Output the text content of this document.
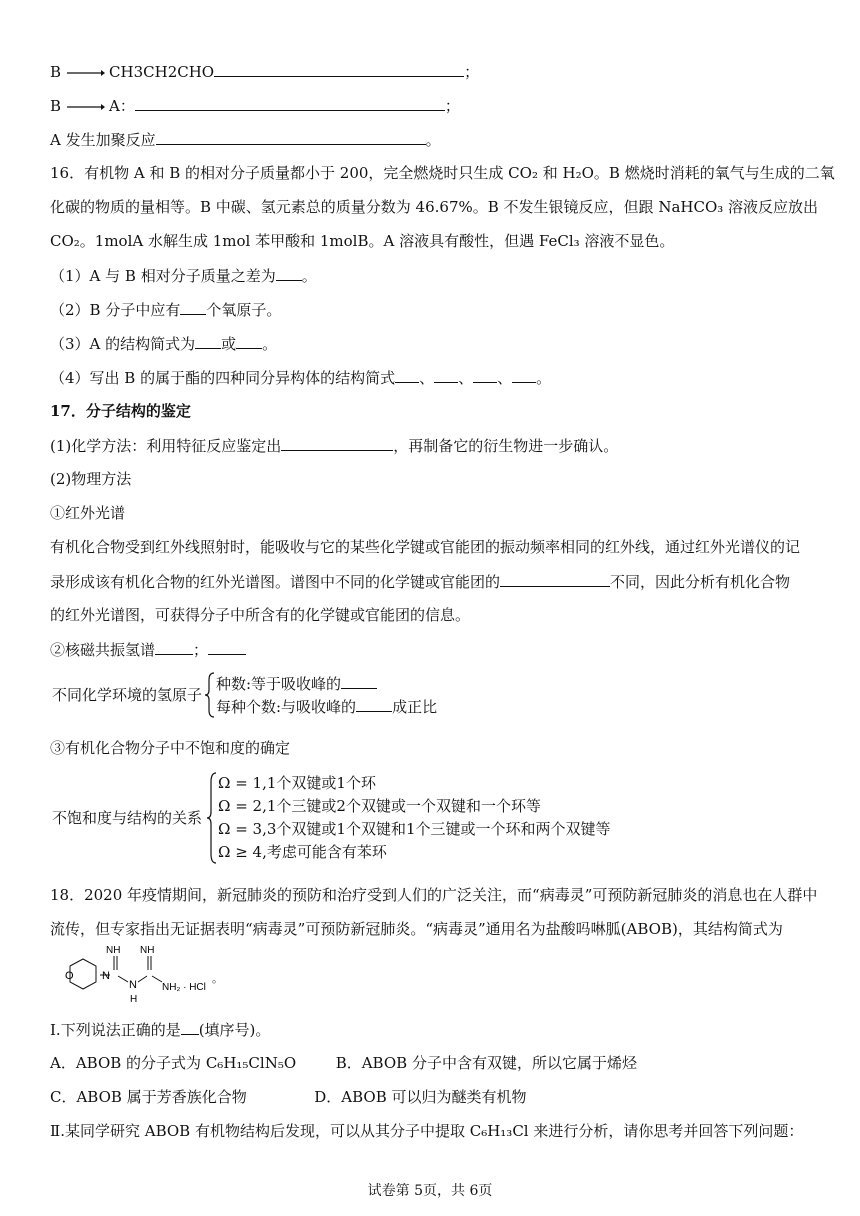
B	CH3CH2CHO	；
B	A：	；
A 发生加聚反应	。
16．有机物 A 和 B 的相对分子质量都小于 200，完全燃烧时只生成 CO₂ 和 H₂O。B 燃烧时消耗的氧气与生成的二氧
化碳的物质的量相等。B 中碳、氢元素总的质量分数为 46.67%。B 不发生银镜反应，但跟 NaHCO₃ 溶液反应放出
CO₂。1molA 水解生成 1mol 苯甲酸和 1molB。A 溶液具有酸性，但遇 FeCl₃ 溶液不显色。
（1）A 与 B 相对分子质量之差为 。
（2）B 分子中应有 个氧原子。
（3）A 的结构简式为 或 。
（4）写出 B 的属于酯的四种同分异构体的结构简式 、 、 、 。
17．分子结构的鉴定
(1)化学方法：利用特征反应鉴定出	，再制备它的衍生物进一步确认。
(2)物理方法
①红外光谱
有机化合物受到红外线照射时，能吸收与它的某些化学键或官能团的振动频率相同的红外线，通过红外光谱仪的记
录形成该有机化合物的红外光谱图。谱图中不同的化学键或官能团的	不同，因此分析有机化合物
的红外光谱图，可获得分子中所含有的化学键或官能团的信息。
②核磁共振氢谱	；
不同化学环境的氢原子
种数:等于吸收峰的
每种个数:与吸收峰的 成正比
③有机化合物分子中不饱和度的确定
不饱和度与结构的关系
Ω = 1,1个双键或1个环
Ω = 2,1个三键或2个双键或一个双键和一个环等
Ω = 3,3个双键或1个双键和1个三键或一个环和两个双键等
Ω ≥ 4,考虑可能含有苯环
18．2020 年疫情期间，新冠肺炎的预防和治疗受到人们的广泛关注，而“病毒灵”可预防新冠肺炎的消息也在人群中
流传，但专家指出无证据表明“病毒灵”可预防新冠肺炎。“病毒灵”通用名为盐酸吗啉胍(ABOB)，其结构简式为
O	N
NH
N
H
NH
NH₂ · HCl
。
Ⅰ.下列说法正确的是 (填序号)。
A．ABOB 的分子式为 C₆H₁₅ClN₅O	B．ABOB 分子中含有双键，所以它属于烯烃
C．ABOB 属于芳香族化合物	D．ABOB 可以归为醚类有机物
Ⅱ.某同学研究 ABOB 有机物结构后发现，可以从其分子中提取 C₆H₁₃Cl 来进行分析，请你思考并回答下列问题：
试卷第 5页，共 6页
